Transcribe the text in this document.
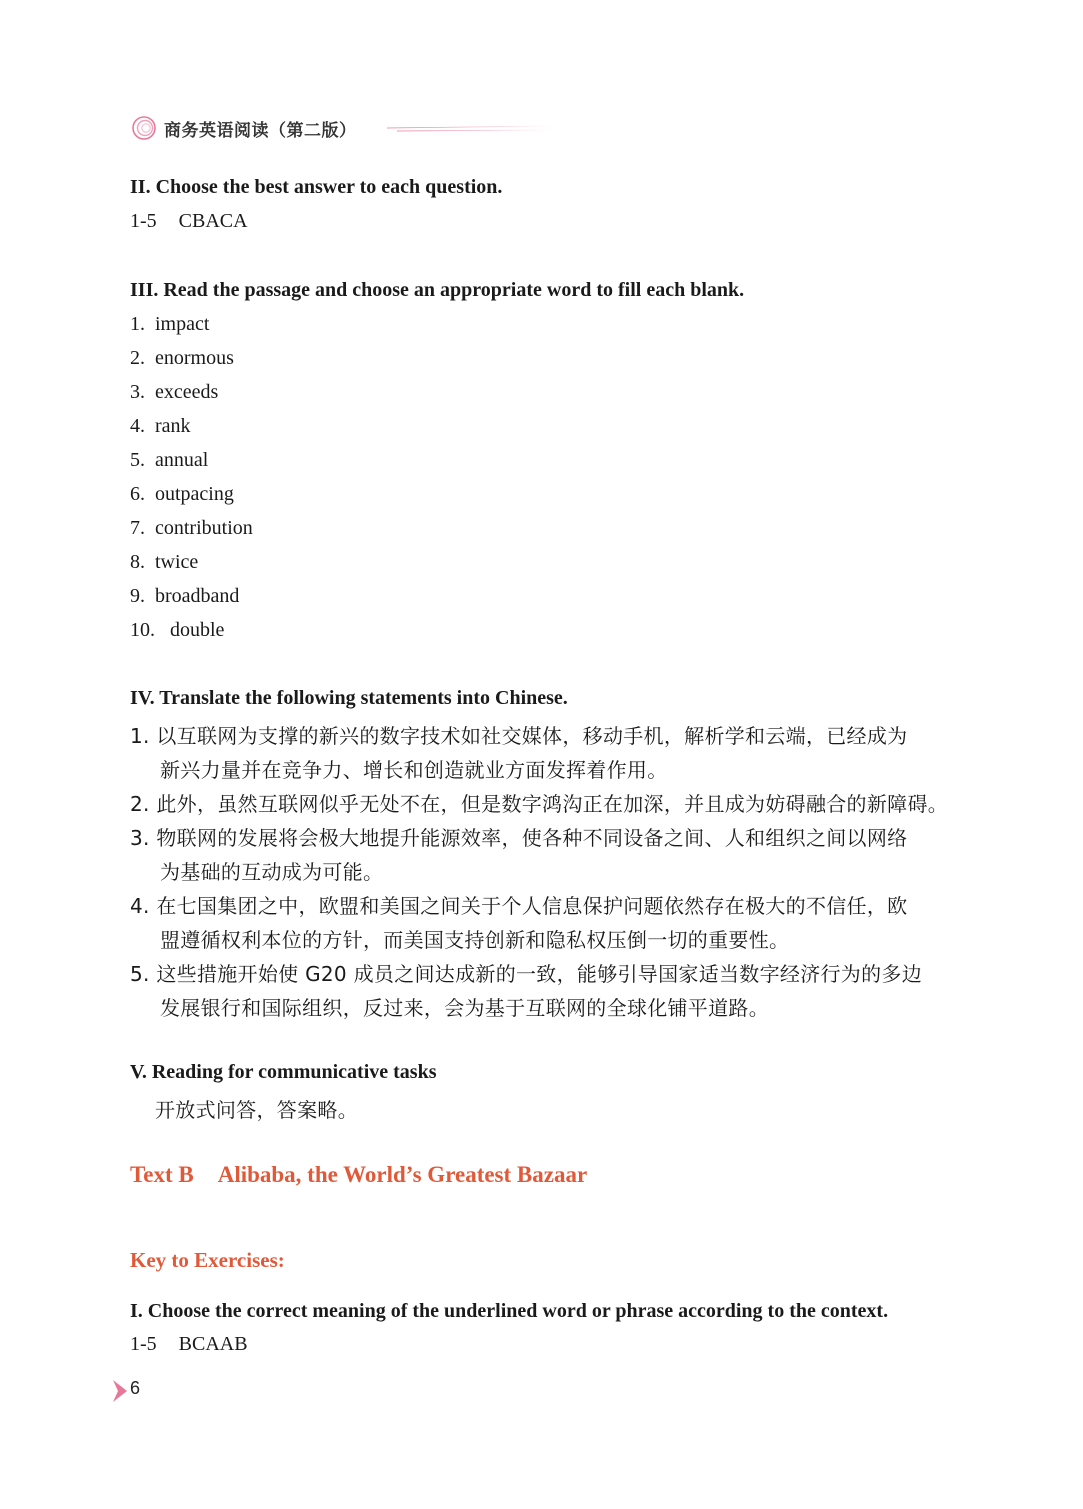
商务英语阅读（第二版）
II. Choose the best answer to each question.
1-5 CBACA
III. Read the passage and choose an appropriate word to fill each blank.
1. impact
2. enormous
3. exceeds
4. rank
5. annual
6. outpacing
7. contribution
8. twice
9. broadband
10. double
IV. Translate the following statements into Chinese.
1. 以互联网为支撑的新兴的数字技术如社交媒体，移动手机，解析学和云端，已经成为
新兴力量并在竞争力、增长和创造就业方面发挥着作用。
2. 此外，虽然互联网似乎无处不在，但是数字鸿沟正在加深，并且成为妨碍融合的新障碍。
3. 物联网的发展将会极大地提升能源效率，使各种不同设备之间、人和组织之间以网络
为基础的互动成为可能。
4. 在七国集团之中，欧盟和美国之间关于个人信息保护问题依然存在极大的不信任，欧
盟遵循权利本位的方针，而美国支持创新和隐私权压倒一切的重要性。
5. 这些措施开始使 G20 成员之间达成新的一致，能够引导国家适当数字经济行为的多边
发展银行和国际组织，反过来，会为基于互联网的全球化铺平道路。
V. Reading for communicative tasks
开放式问答，答案略。
Text B Alibaba, the World’s Greatest Bazaar
Key to Exercises:
I. Choose the correct meaning of the underlined word or phrase according to the context.
1-5 BCAAB
6
